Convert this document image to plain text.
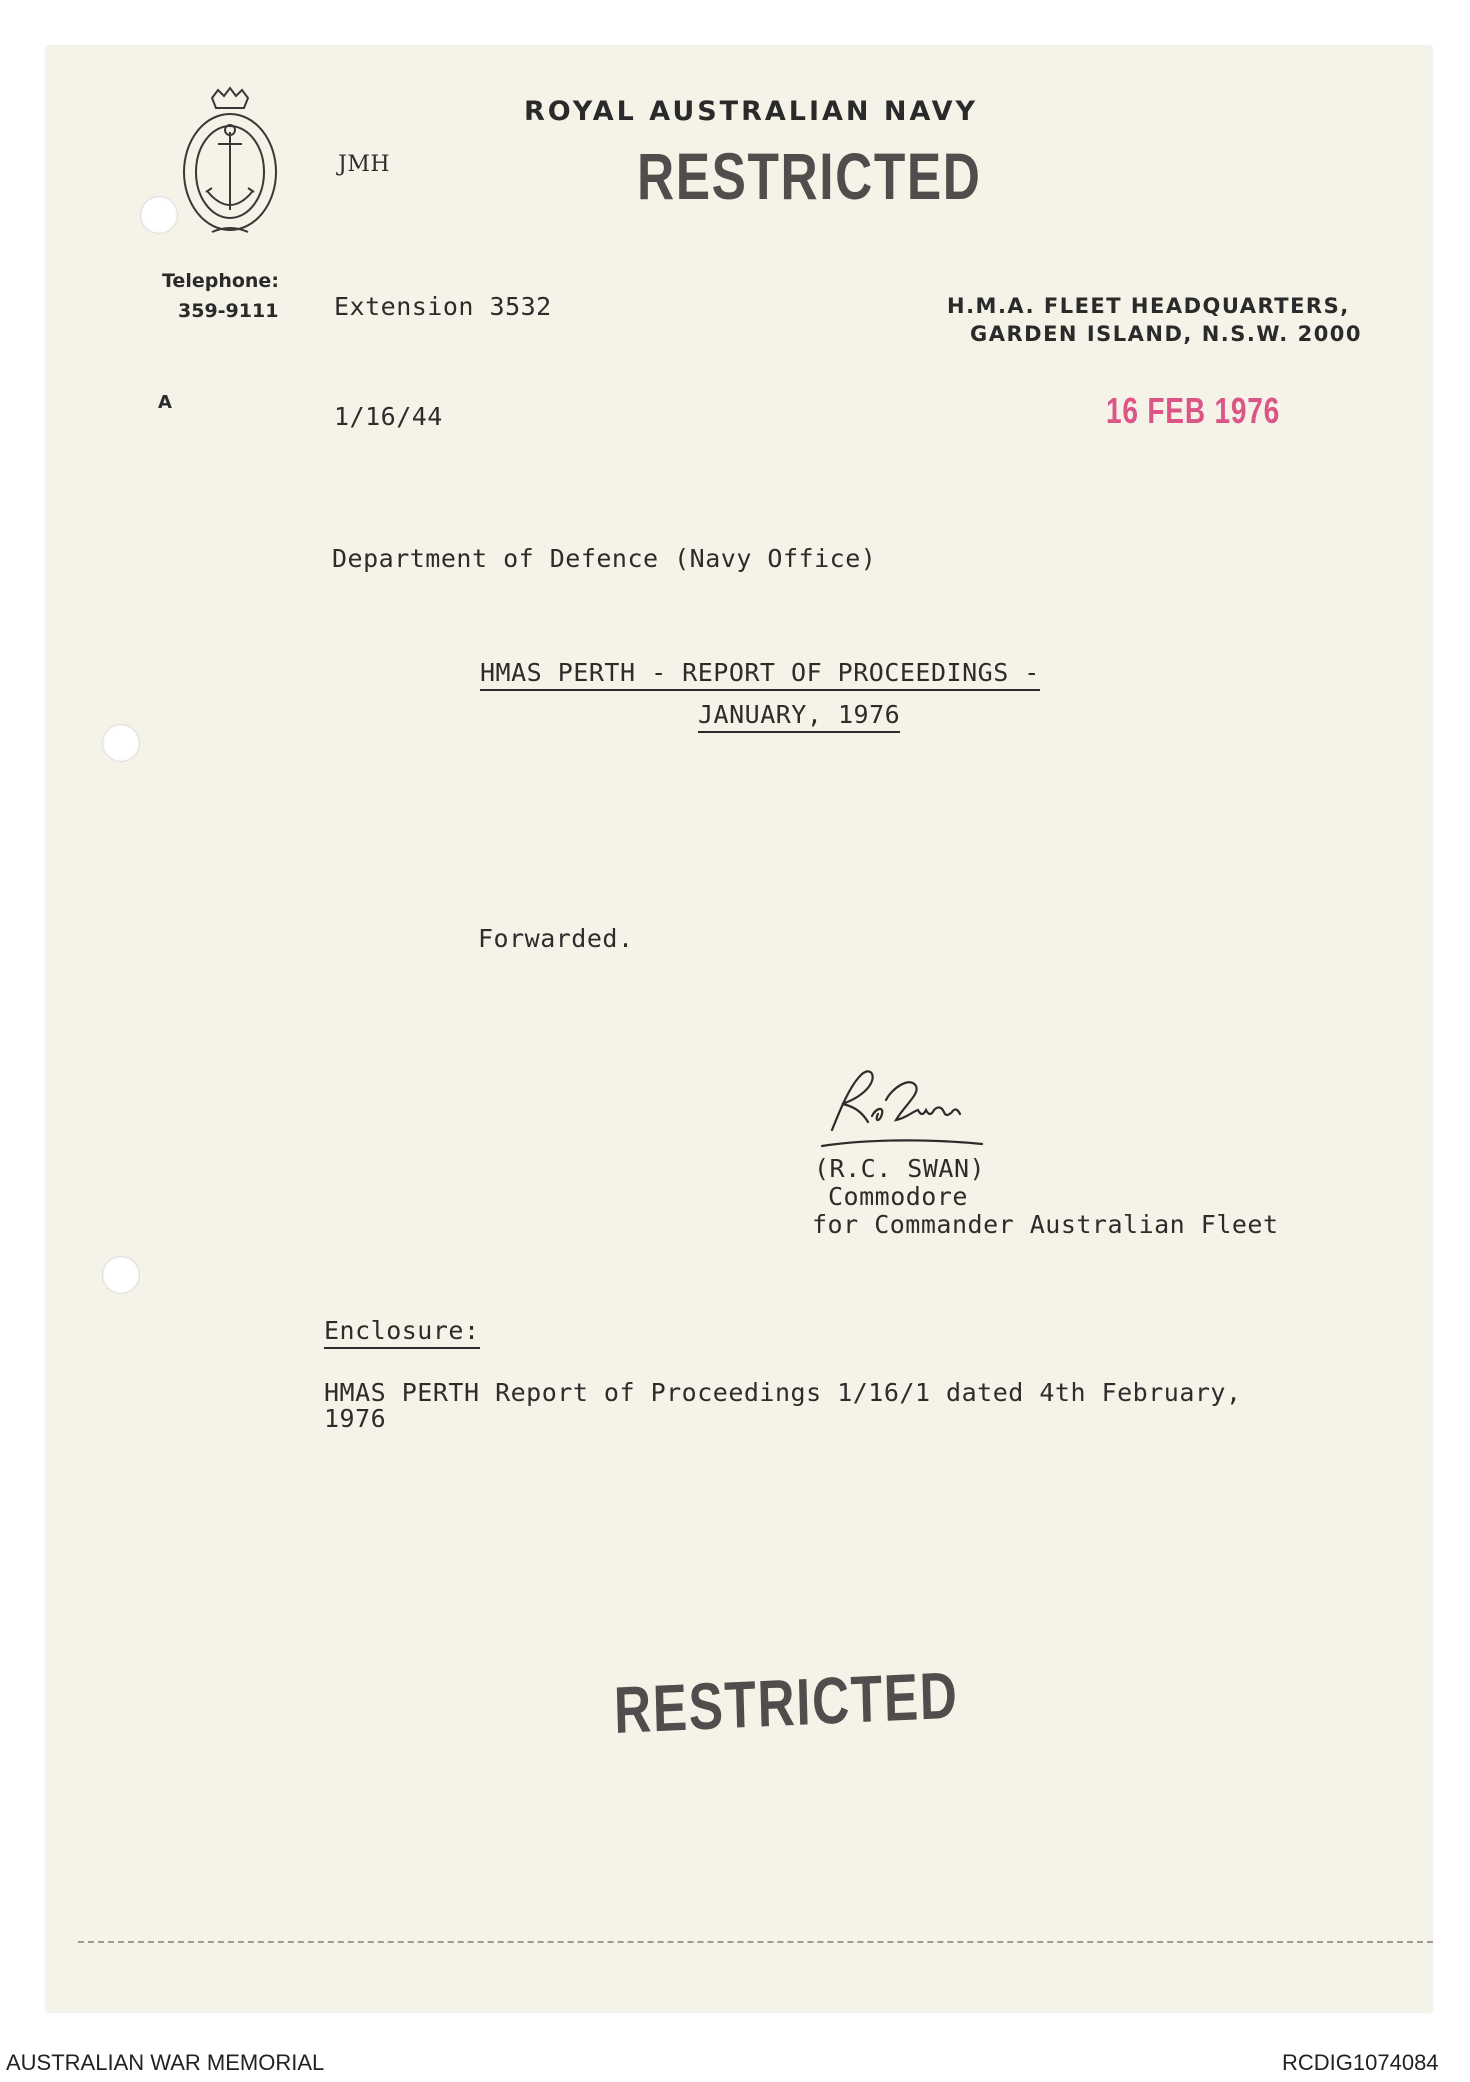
ROYAL AUSTRALIAN NAVY
RESTRICTED
JMH
Telephone:
359-9111 Extension 3532	H.M.A. FLEET HEADQUARTERS,
GARDEN ISLAND, N.S.W. 2000
A	1/16/44	16 FEB 1976
Department of Defence (Navy Office)
HMAS PERTH - REPORT OF PROCEEDINGS -
JANUARY, 1976
Forwarded.
(R.C. SWAN)
Commodore
for Commander Australian Fleet
Enclosure:
HMAS PERTH Report of Proceedings 1/16/1 dated 4th February,
1976
RESTRICTED
AUSTRALIAN WAR MEMORIAL	RCDIG1074084
